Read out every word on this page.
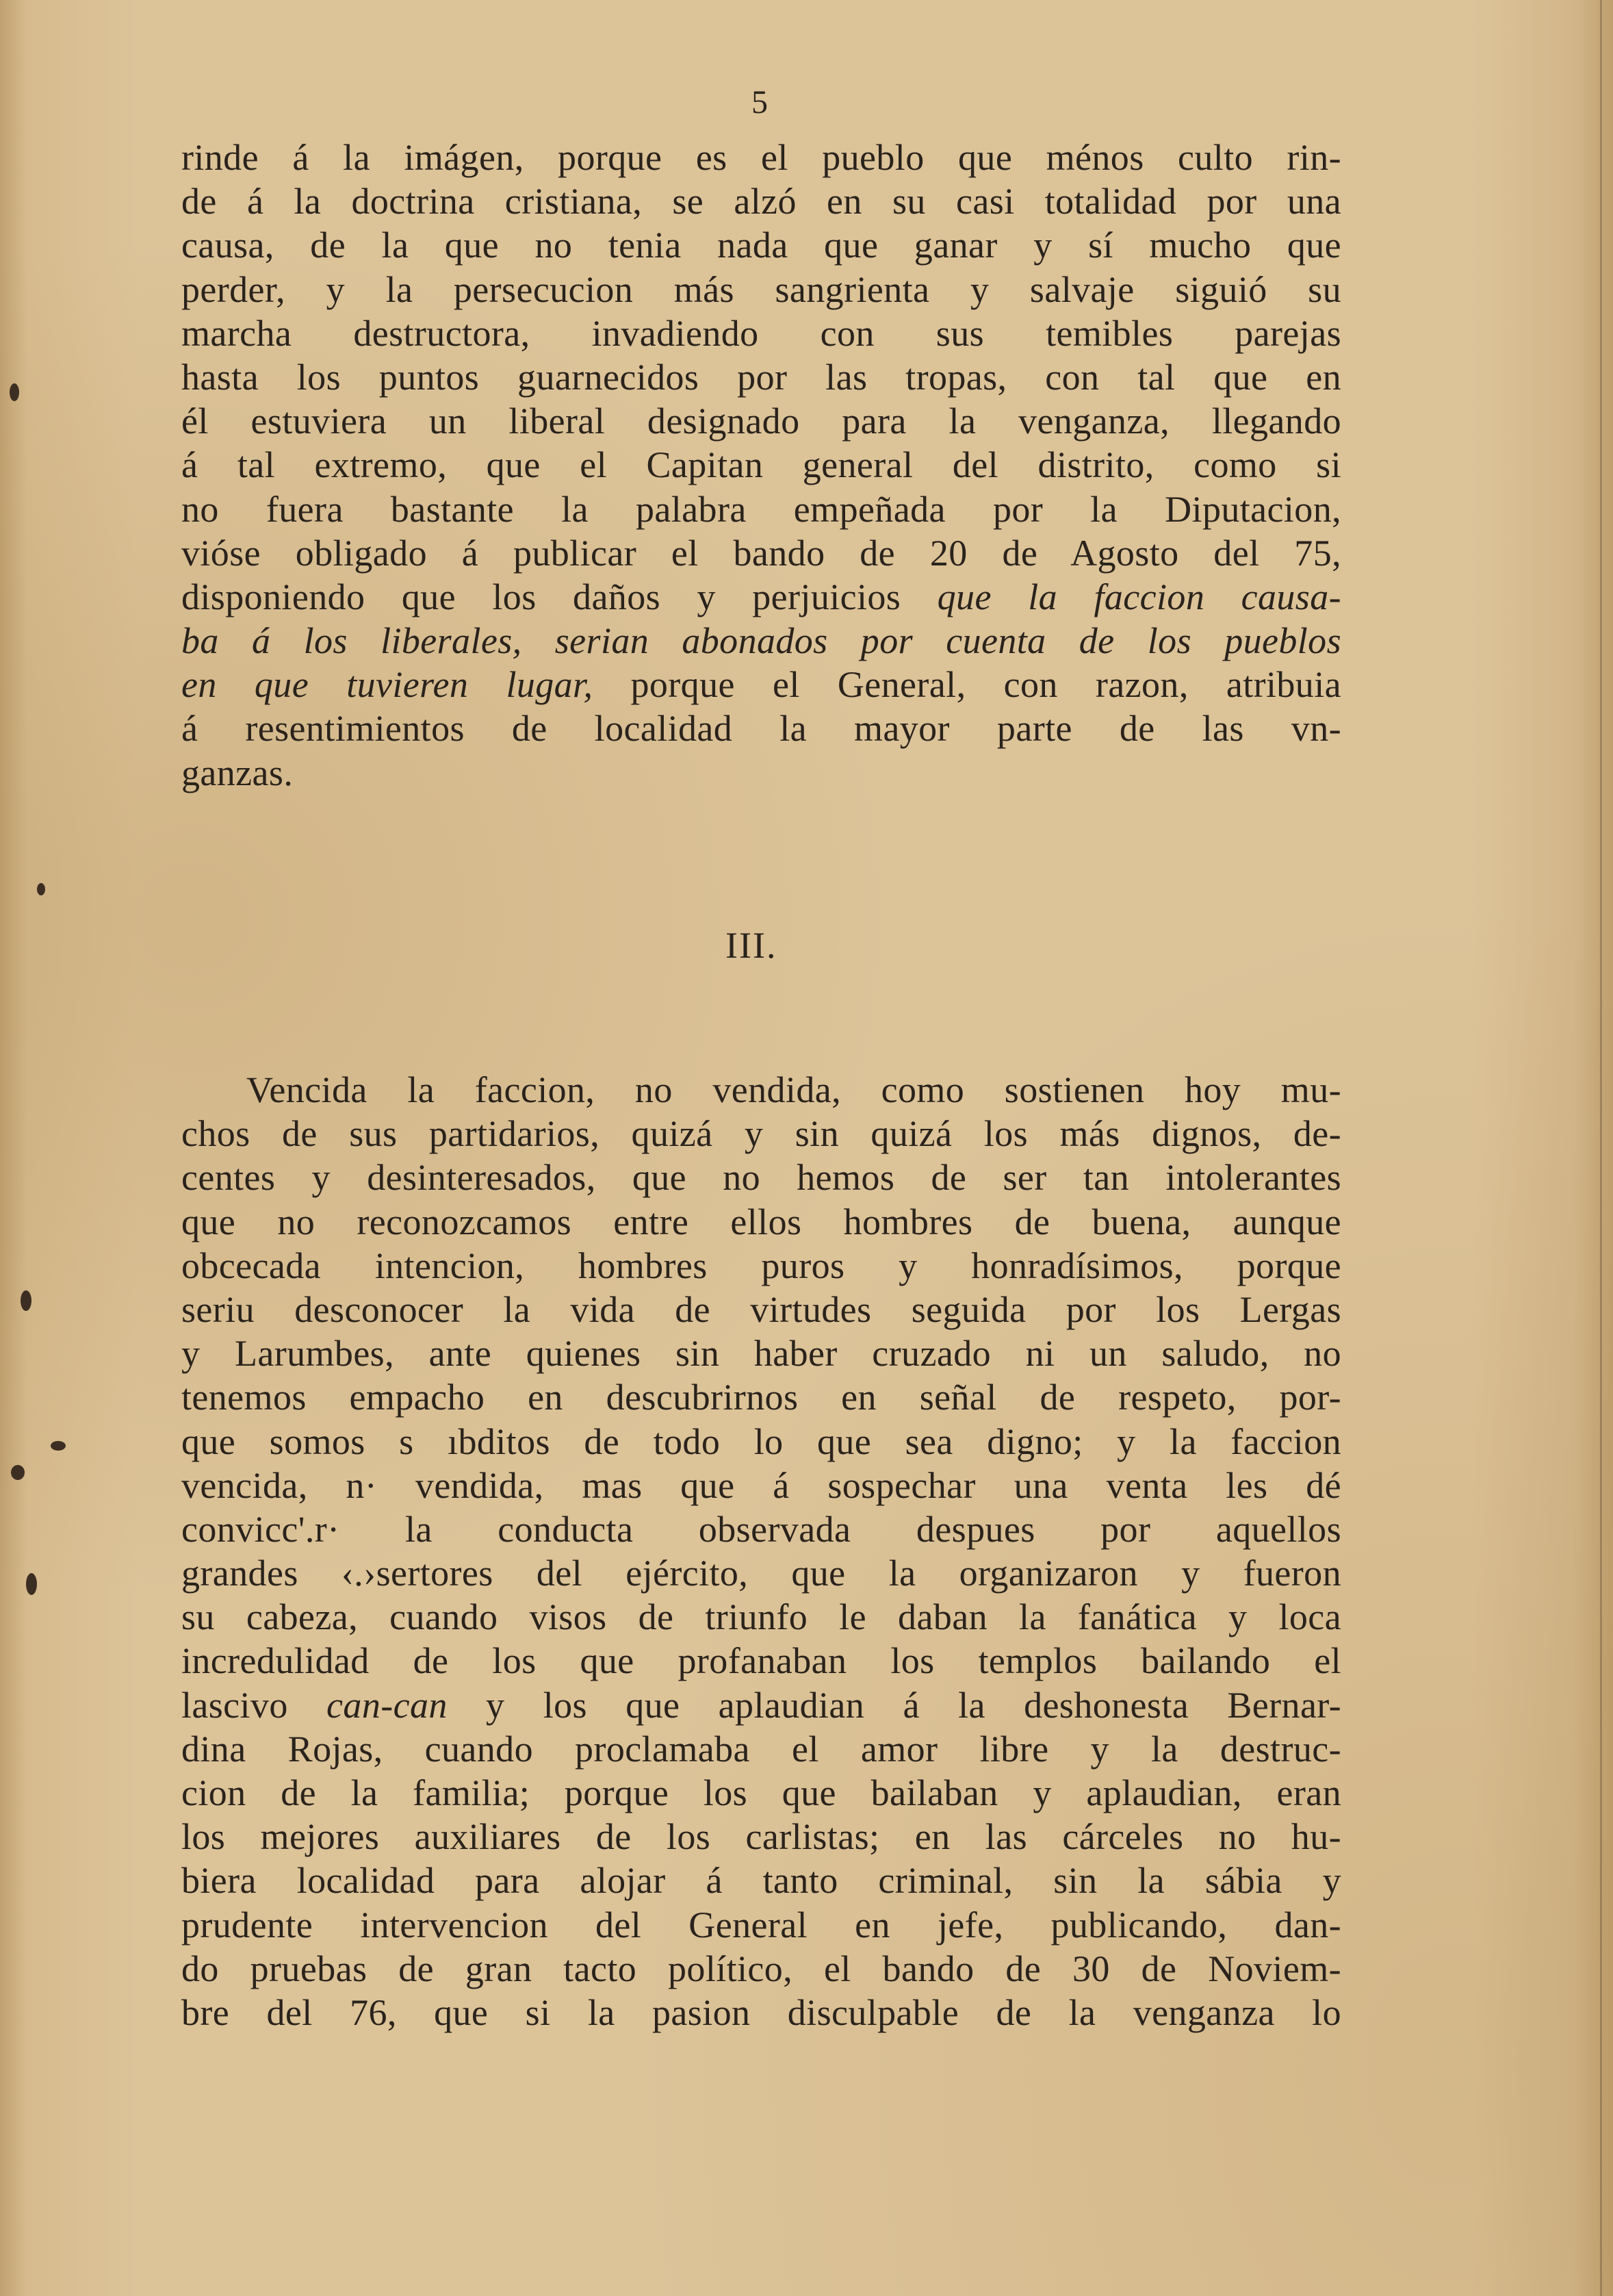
5
rinde á la imágen, porque es el pueblo que ménos culto rin-
de á la doctrina cristiana, se alzó en su casi totalidad por una
causa, de la que no tenia nada que ganar y sí mucho que
perder, y la persecucion más sangrienta y salvaje siguió su
marcha destructora, invadiendo con sus temibles parejas
hasta los puntos guarnecidos por las tropas, con tal que en
él estuviera un liberal designado para la venganza, llegando
á tal extremo, que el Capitan general del distrito, como si
no fuera bastante la palabra empeñada por la Diputacion,
vióse obligado á publicar el bando de 20 de Agosto del 75,
disponiendo que los daños y perjuicios que la faccion causa-
ba á los liberales, serian abonados por cuenta de los pueblos
en que tuvieren lugar, porque el General, con razon, atribuia
á resentimientos de localidad la mayor parte de las vn-
ganzas.
III.
Vencida la faccion, no vendida, como sostienen hoy mu-
chos de sus partidarios, quizá y sin quizá los más dignos, de-
centes y desinteresados, que no hemos de ser tan intolerantes
que no reconozcamos entre ellos hombres de buena, aunque
obcecada intencion, hombres puros y honradísimos, porque
seriu desconocer la vida de virtudes seguida por los Lergas
y Larumbes, ante quienes sin haber cruzado ni un saludo, no
tenemos empacho en descubrirnos en señal de respeto, por-
que somos s ıbditos de todo lo que sea digno; y la faccion
vencida, n· vendida, mas que á sospechar una venta les dé
convicc'.r· la conducta observada despues por aquellos
grandes ‹.›sertores del ejército, que la organizaron y fueron
su cabeza, cuando visos de triunfo le daban la fanática y loca
incredulidad de los que profanaban los templos bailando el
lascivo can-can y los que aplaudian á la deshonesta Bernar-
dina Rojas, cuando proclamaba el amor libre y la destruc-
cion de la familia; porque los que bailaban y aplaudian, eran
los mejores auxiliares de los carlistas; en las cárceles no hu-
biera localidad para alojar á tanto criminal, sin la sábia y
prudente intervencion del General en jefe, publicando, dan-
do pruebas de gran tacto político, el bando de 30 de Noviem-
bre del 76, que si la pasion disculpable de la venganza lo
